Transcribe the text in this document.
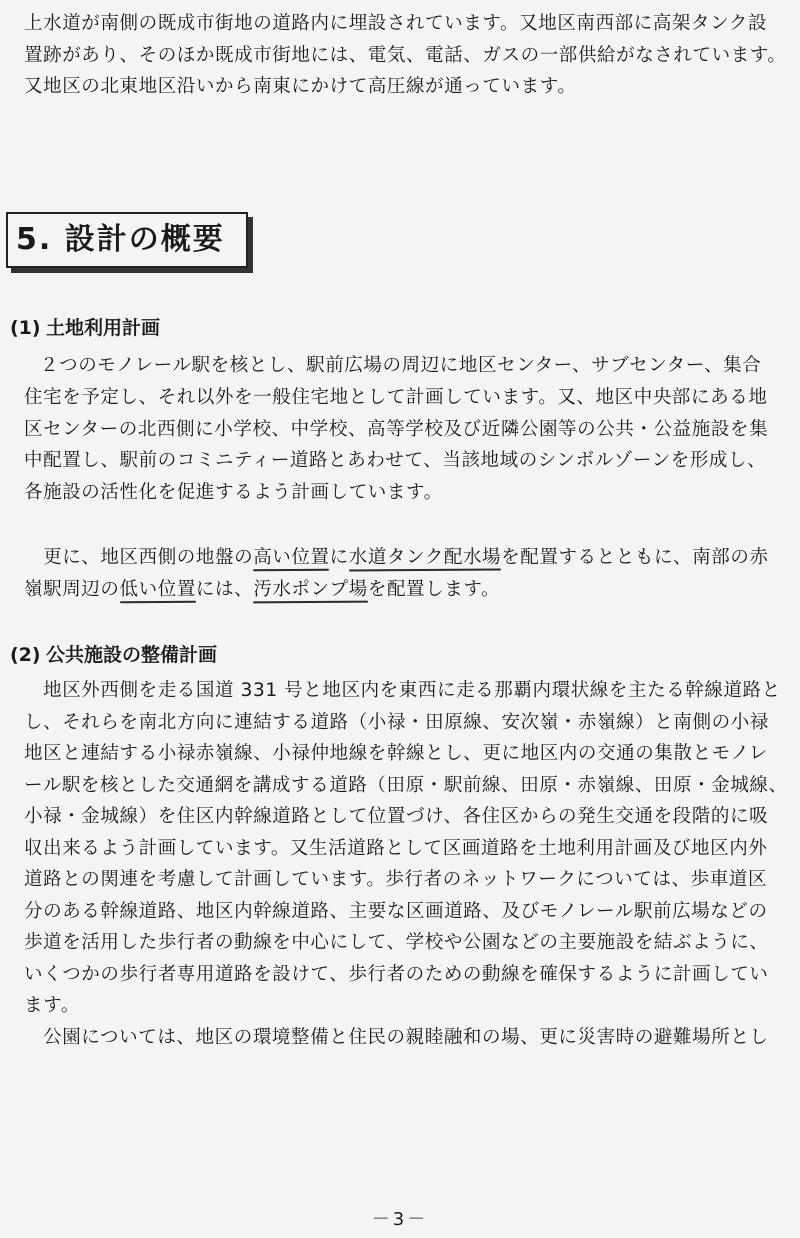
上水道が南側の既成市街地の道路内に埋設されています。又地区南西部に高架タンク設
置跡があり、そのほか既成市街地には、電気、電話、ガスの一部供給がなされています。
又地区の北東地区沿いから南東にかけて高圧線が通っています。
5. 設計の概要
(1) 土地利用計画
２つのモノレール駅を核とし、駅前広場の周辺に地区センター、サブセンター、集合
住宅を予定し、それ以外を一般住宅地として計画しています。又、地区中央部にある地
区センターの北西側に小学校、中学校、高等学校及び近隣公園等の公共・公益施設を集
中配置し、駅前のコミニティー道路とあわせて、当該地域のシンボルゾーンを形成し、
各施設の活性化を促進するよう計画しています。
　更に、地区西側の地盤の高い位置に水道タンク配水場を配置するとともに、南部の赤
嶺駅周辺の低い位置には、汚水ポンプ場を配置します。
(2) 公共施設の整備計画
　地区外西側を走る国道 331 号と地区内を東西に走る那覇内環状線を主たる幹線道路と
し、それらを南北方向に連結する道路（小禄・田原線、安次嶺・赤嶺線）と南側の小禄
地区と連結する小禄赤嶺線、小禄仲地線を幹線とし、更に地区内の交通の集散とモノレ
ール駅を核とした交通網を講成する道路（田原・駅前線、田原・赤嶺線、田原・金城線、
小禄・金城線）を住区内幹線道路として位置づけ、各住区からの発生交通を段階的に吸
収出来るよう計画しています。又生活道路として区画道路を土地利用計画及び地区内外
道路との関連を考慮して計画しています。歩行者のネットワークについては、歩車道区
分のある幹線道路、地区内幹線道路、主要な区画道路、及びモノレール駅前広場などの
歩道を活用した歩行者の動線を中心にして、学校や公園などの主要施設を結ぶように、
いくつかの歩行者専用道路を設けて、歩行者のための動線を確保するように計画してい
ます。
　公園については、地区の環境整備と住民の親睦融和の場、更に災害時の避難場所とし
－3－
